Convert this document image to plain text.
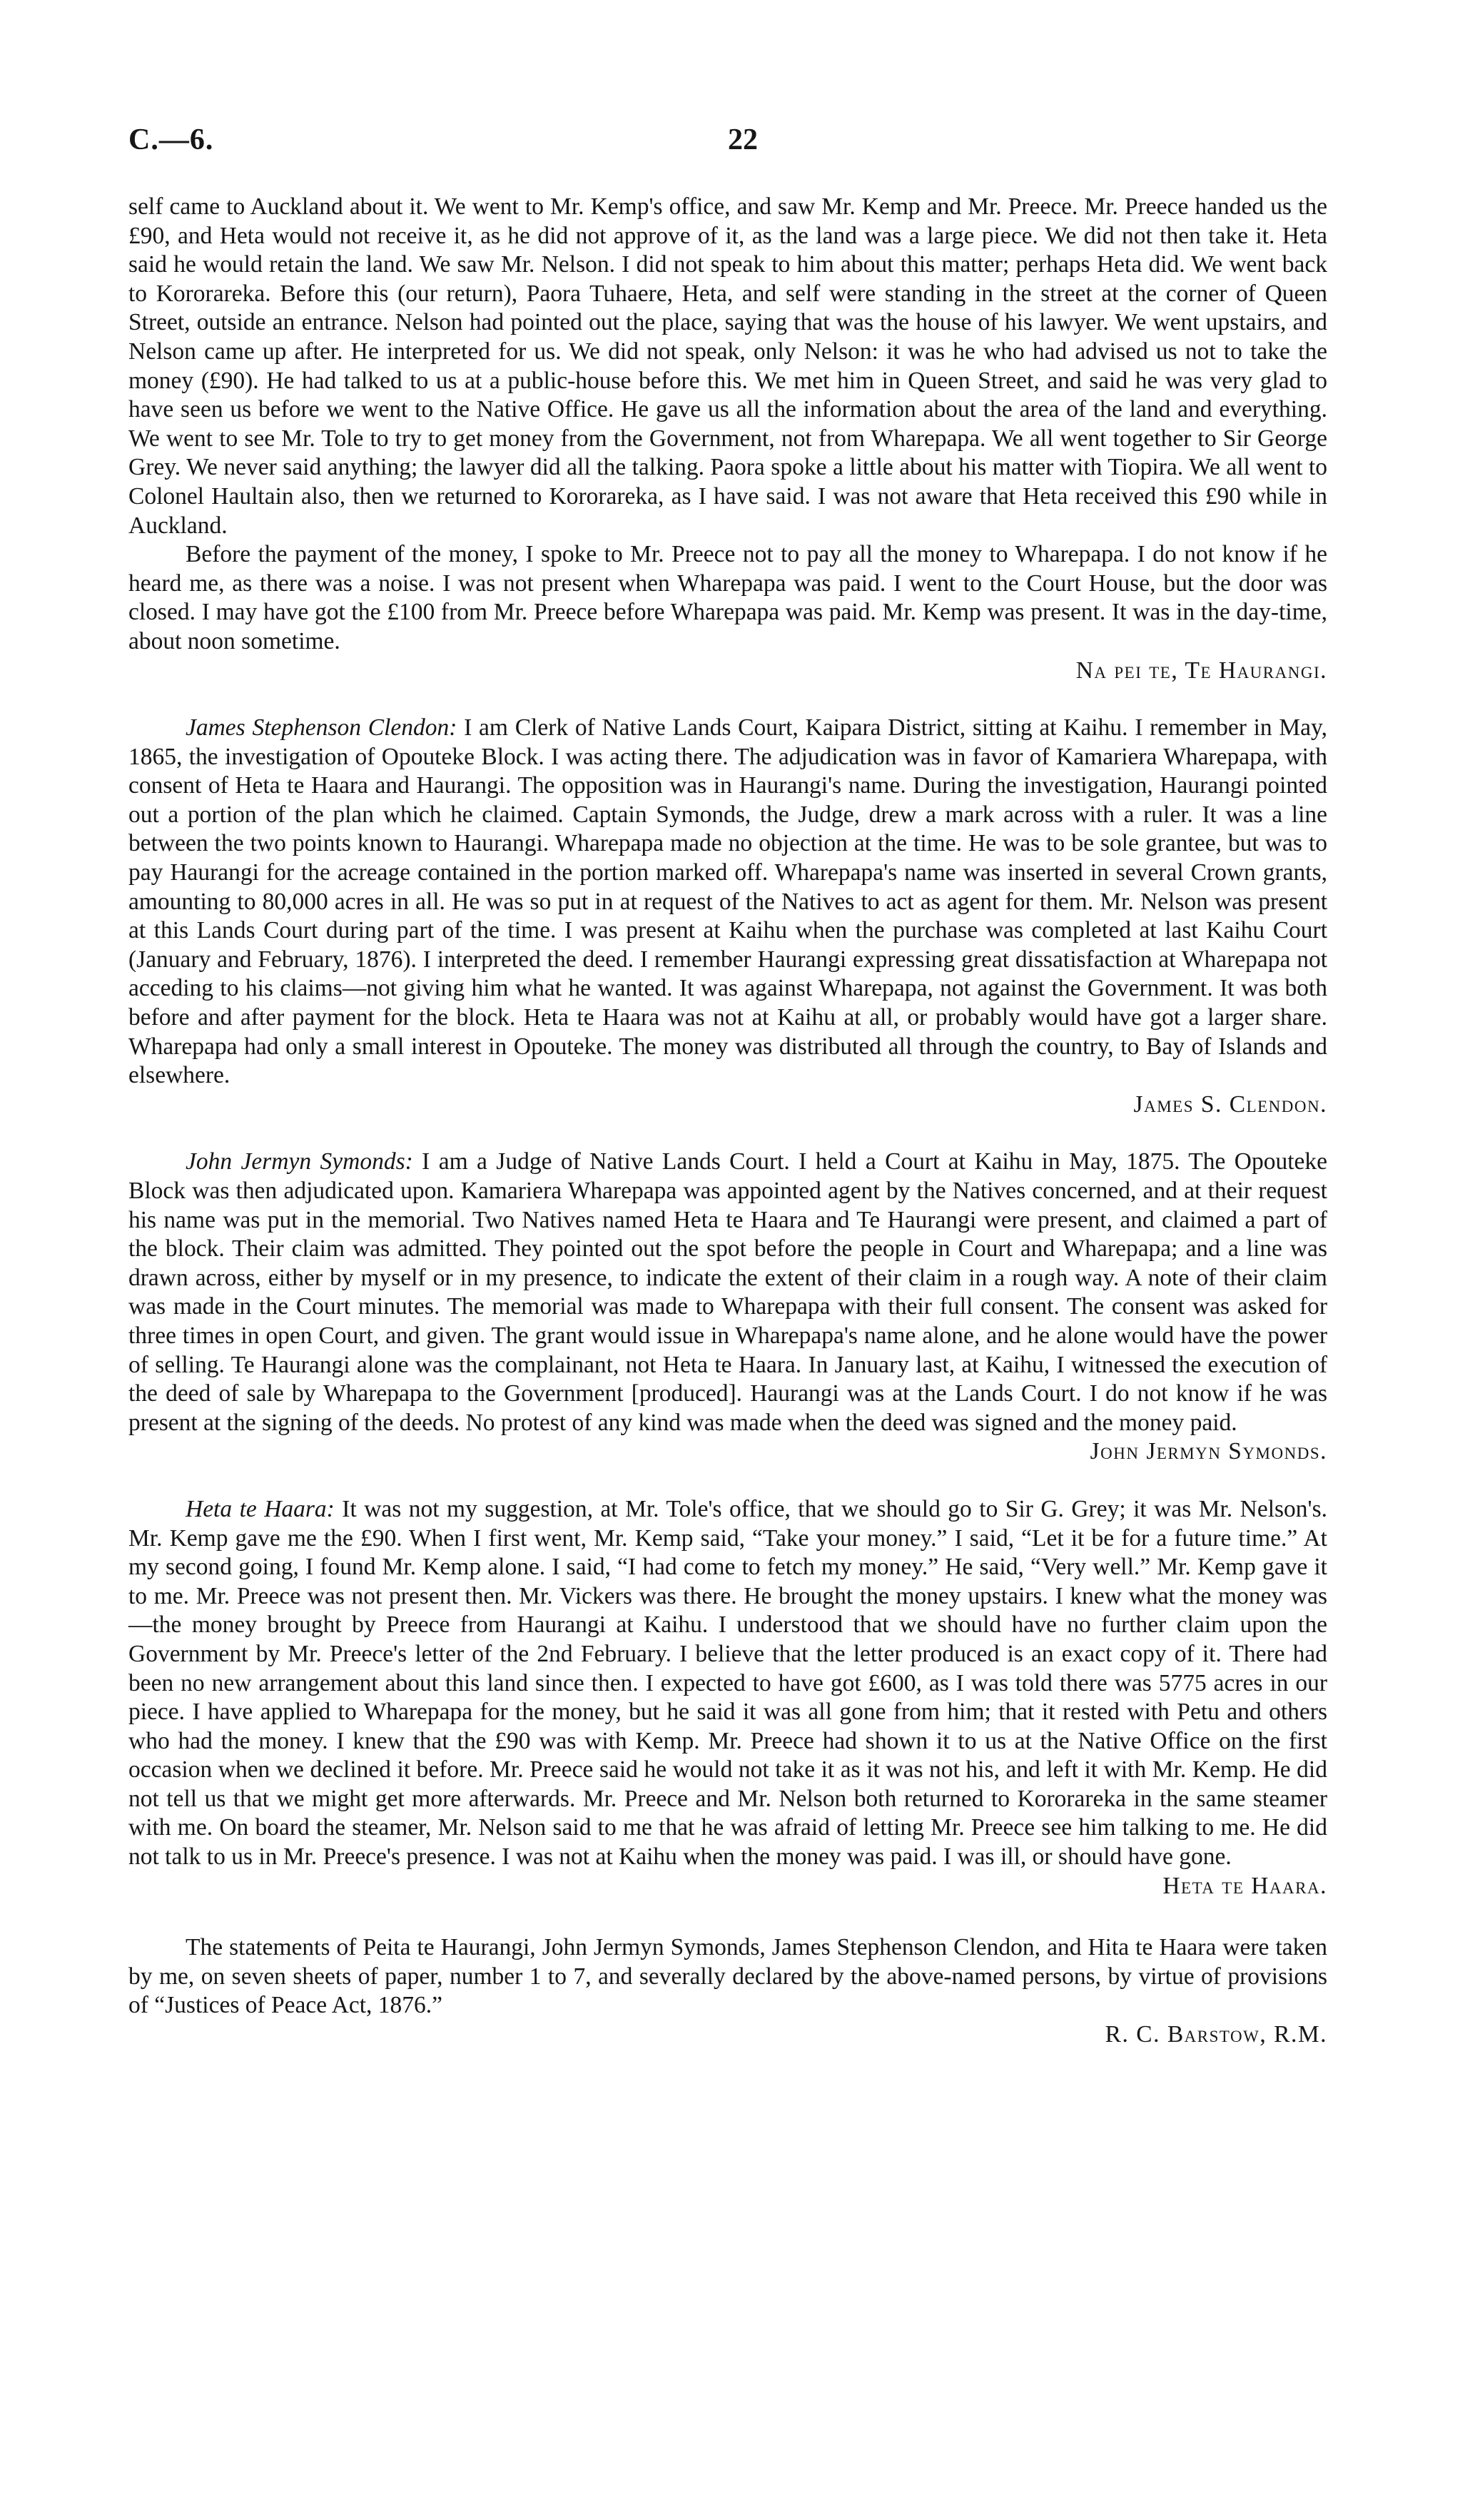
C.—6.	22

self came to Auckland about it. We went to Mr. Kemp's office, and saw Mr. Kemp and Mr. Preece. Mr. Preece handed us the £90, and Heta would not receive it, as he did not approve of it, as the land was a large piece. We did not then take it. Heta said he would retain the land. We saw Mr. Nelson. I did not speak to him about this matter; perhaps Heta did. We went back to Kororareka. Before this (our return), Paora Tuhaere, Heta, and self were standing in the street at the corner of Queen Street, outside an entrance. Nelson had pointed out the place, saying that was the house of his lawyer. We went upstairs, and Nelson came up after. He interpreted for us. We did not speak, only Nelson: it was he who had advised us not to take the money (£90). He had talked to us at a public-house before this. We met him in Queen Street, and said he was very glad to have seen us before we went to the Native Office. He gave us all the information about the area of the land and everything. We went to see Mr. Tole to try to get money from the Government, not from Wharepapa. We all went together to Sir George Grey. We never said anything; the lawyer did all the talking. Paora spoke a little about his matter with Tiopira. We all went to Colonel Haultain also, then we returned to Kororareka, as I have said. I was not aware that Heta received this £90 while in Auckland.

Before the payment of the money, I spoke to Mr. Preece not to pay all the money to Wharepapa. I do not know if he heard me, as there was a noise. I was not present when Wharepapa was paid. I went to the Court House, but the door was closed. I may have got the £100 from Mr. Preece before Wharepapa was paid. Mr. Kemp was present. It was in the day-time, about noon sometime.

Na pei te, Te Haurangi.

James Stephenson Clendon: I am Clerk of Native Lands Court, Kaipara District, sitting at Kaihu. I remember in May, 1865, the investigation of Opouteke Block. I was acting there. The adjudication was in favor of Kamariera Wharepapa, with consent of Heta te Haara and Haurangi. The opposition was in Haurangi's name. During the investigation, Haurangi pointed out a portion of the plan which he claimed. Captain Symonds, the Judge, drew a mark across with a ruler. It was a line between the two points known to Haurangi. Wharepapa made no objection at the time. He was to be sole grantee, but was to pay Haurangi for the acreage contained in the portion marked off. Wharepapa's name was inserted in several Crown grants, amounting to 80,000 acres in all. He was so put in at request of the Natives to act as agent for them. Mr. Nelson was present at this Lands Court during part of the time. I was present at Kaihu when the purchase was completed at last Kaihu Court (January and February, 1876). I interpreted the deed. I remember Haurangi expressing great dissatisfaction at Wharepapa not acceding to his claims—not giving him what he wanted. It was against Wharepapa, not against the Government. It was both before and after payment for the block. Heta te Haara was not at Kaihu at all, or probably would have got a larger share. Wharepapa had only a small interest in Opouteke. The money was distributed all through the country, to Bay of Islands and elsewhere.

James S. Clendon.

John Jermyn Symonds: I am a Judge of Native Lands Court. I held a Court at Kaihu in May, 1875. The Opouteke Block was then adjudicated upon. Kamariera Wharepapa was appointed agent by the Natives concerned, and at their request his name was put in the memorial. Two Natives named Heta te Haara and Te Haurangi were present, and claimed a part of the block. Their claim was admitted. They pointed out the spot before the people in Court and Wharepapa; and a line was drawn across, either by myself or in my presence, to indicate the extent of their claim in a rough way. A note of their claim was made in the Court minutes. The memorial was made to Wharepapa with their full consent. The consent was asked for three times in open Court, and given. The grant would issue in Wharepapa's name alone, and he alone would have the power of selling. Te Haurangi alone was the complainant, not Heta te Haara. In January last, at Kaihu, I witnessed the execution of the deed of sale by Wharepapa to the Government [produced]. Haurangi was at the Lands Court. I do not know if he was present at the signing of the deeds. No protest of any kind was made when the deed was signed and the money paid.

John Jermyn Symonds.

Heta te Haara: It was not my suggestion, at Mr. Tole's office, that we should go to Sir G. Grey; it was Mr. Nelson's. Mr. Kemp gave me the £90. When I first went, Mr. Kemp said, “Take your money.” I said, “Let it be for a future time.” At my second going, I found Mr. Kemp alone. I said, “I had come to fetch my money.” He said, “Very well.” Mr. Kemp gave it to me. Mr. Preece was not present then. Mr. Vickers was there. He brought the money upstairs. I knew what the money was—the money brought by Preece from Haurangi at Kaihu. I understood that we should have no further claim upon the Government by Mr. Preece's letter of the 2nd February. I believe that the letter produced is an exact copy of it. There had been no new arrangement about this land since then. I expected to have got £600, as I was told there was 5775 acres in our piece. I have applied to Wharepapa for the money, but he said it was all gone from him; that it rested with Petu and others who had the money. I knew that the £90 was with Kemp. Mr. Preece had shown it to us at the Native Office on the first occasion when we declined it before. Mr. Preece said he would not take it as it was not his, and left it with Mr. Kemp. He did not tell us that we might get more afterwards. Mr. Preece and Mr. Nelson both returned to Kororareka in the same steamer with me. On board the steamer, Mr. Nelson said to me that he was afraid of letting Mr. Preece see him talking to me. He did not talk to us in Mr. Preece's presence. I was not at Kaihu when the money was paid. I was ill, or should have gone.

Heta te Haara.

The statements of Peita te Haurangi, John Jermyn Symonds, James Stephenson Clendon, and Hita te Haara were taken by me, on seven sheets of paper, number 1 to 7, and severally declared by the above-named persons, by virtue of provisions of “Justices of Peace Act, 1876.”

R. C. Barstow, R.M.
